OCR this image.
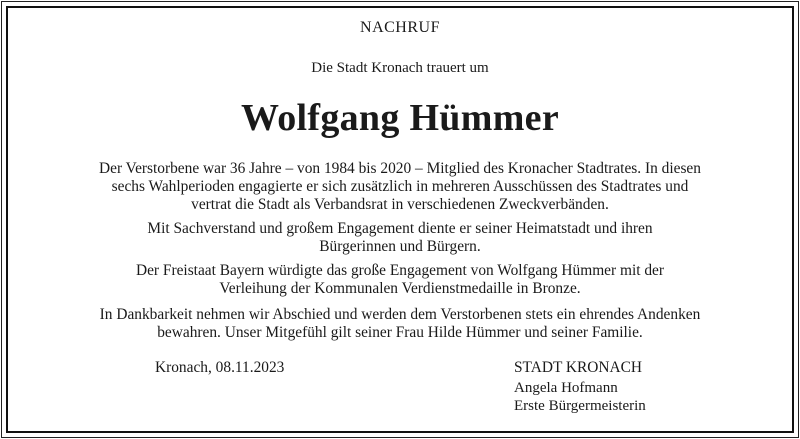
NACHRUF
Die Stadt Kronach trauert um
Wolfgang Hümmer
Der Verstorbene war 36 Jahre – von 1984 bis 2020 – Mitglied des Kronacher Stadtrates. In diesen
sechs Wahlperioden engagierte er sich zusätzlich in mehreren Ausschüssen des Stadtrates und
vertrat die Stadt als Verbandsrat in verschiedenen Zweckverbänden.
Mit Sachverstand und großem Engagement diente er seiner Heimatstadt und ihren
Bürgerinnen und Bürgern.
Der Freistaat Bayern würdigte das große Engagement von Wolfgang Hümmer mit der
Verleihung der Kommunalen Verdienstmedaille in Bronze.
In Dankbarkeit nehmen wir Abschied und werden dem Verstorbenen stets ein ehrendes Andenken
bewahren. Unser Mitgefühl gilt seiner Frau Hilde Hümmer und seiner Familie.
Kronach, 08.11.2023	STADT KRONACH
Angela Hofmann
Erste Bürgermeisterin
